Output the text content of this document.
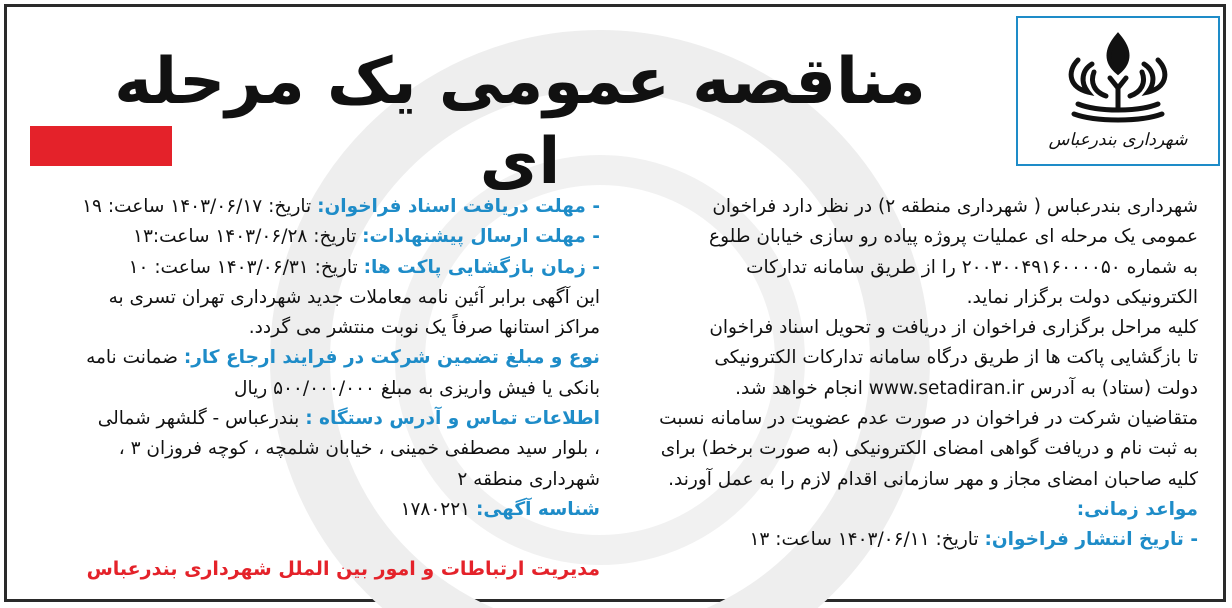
شهرداری بندرعباس
مناقصه عمومی یک مرحله ای
شهرداری بندرعباس ( شهرداری منطقه ۲) در نظر دارد فراخوان
عمومی یک مرحله ای عملیات پروژه پیاده رو سازی خیابان طلوع
به شماره ۲۰۰۳۰۰۴۹۱۶۰۰۰۰۵۰ را از طریق سامانه تدارکات
الکترونیکی دولت برگزار نماید.
کلیه مراحل برگزاری فراخوان از دریافت و تحویل اسناد فراخوان
تا بازگشایی پاکت ها از طریق درگاه سامانه تدارکات الکترونیکی
دولت (ستاد) به آدرس www.setadiran.ir انجام خواهد شد.
متقاضیان شرکت در فراخوان در صورت عدم عضویت در سامانه نسبت
به ثبت نام و دریافت گواهی امضای الکترونیکی (به صورت برخط) برای
کلیه صاحبان امضای مجاز و مهر سازمانی اقدام لازم را به عمل آورند.
مواعد زمانی:
- تاریخ انتشار فراخوان: تاریخ: ۱۴۰۳/۰۶/۱۱ ساعت: ۱۳
- مهلت دریافت اسناد فراخوان: تاریخ: ۱۴۰۳/۰۶/۱۷ ساعت: ۱۹
- مهلت ارسال پیشنهادات: تاریخ: ۱۴۰۳/۰۶/۲۸ ساعت:۱۳
- زمان بازگشایی پاکت ها: تاریخ: ۱۴۰۳/۰۶/۳۱ ساعت: ۱۰
این آگهی برابر آئین نامه معاملات جدید شهرداری تهران تسری به
مراکز استانها صرفاً یک نوبت منتشر می گردد.
نوع و مبلغ تضمین شرکت در فرایند ارجاع کار: ضمانت نامه
بانکی یا فیش واریزی به مبلغ ۵۰۰/۰۰۰/۰۰۰ ریال
اطلاعات تماس و آدرس دستگاه : بندرعباس - گلشهر شمالی
، بلوار سید مصطفی خمینی ، خیابان شلمچه ، کوچه فروزان ۳ ،
شهرداری منطقه ۲
شناسه آگهی: ۱۷۸۰۲۲۱
مدیریت ارتباطات و امور بین الملل شهرداری بندرعباس
